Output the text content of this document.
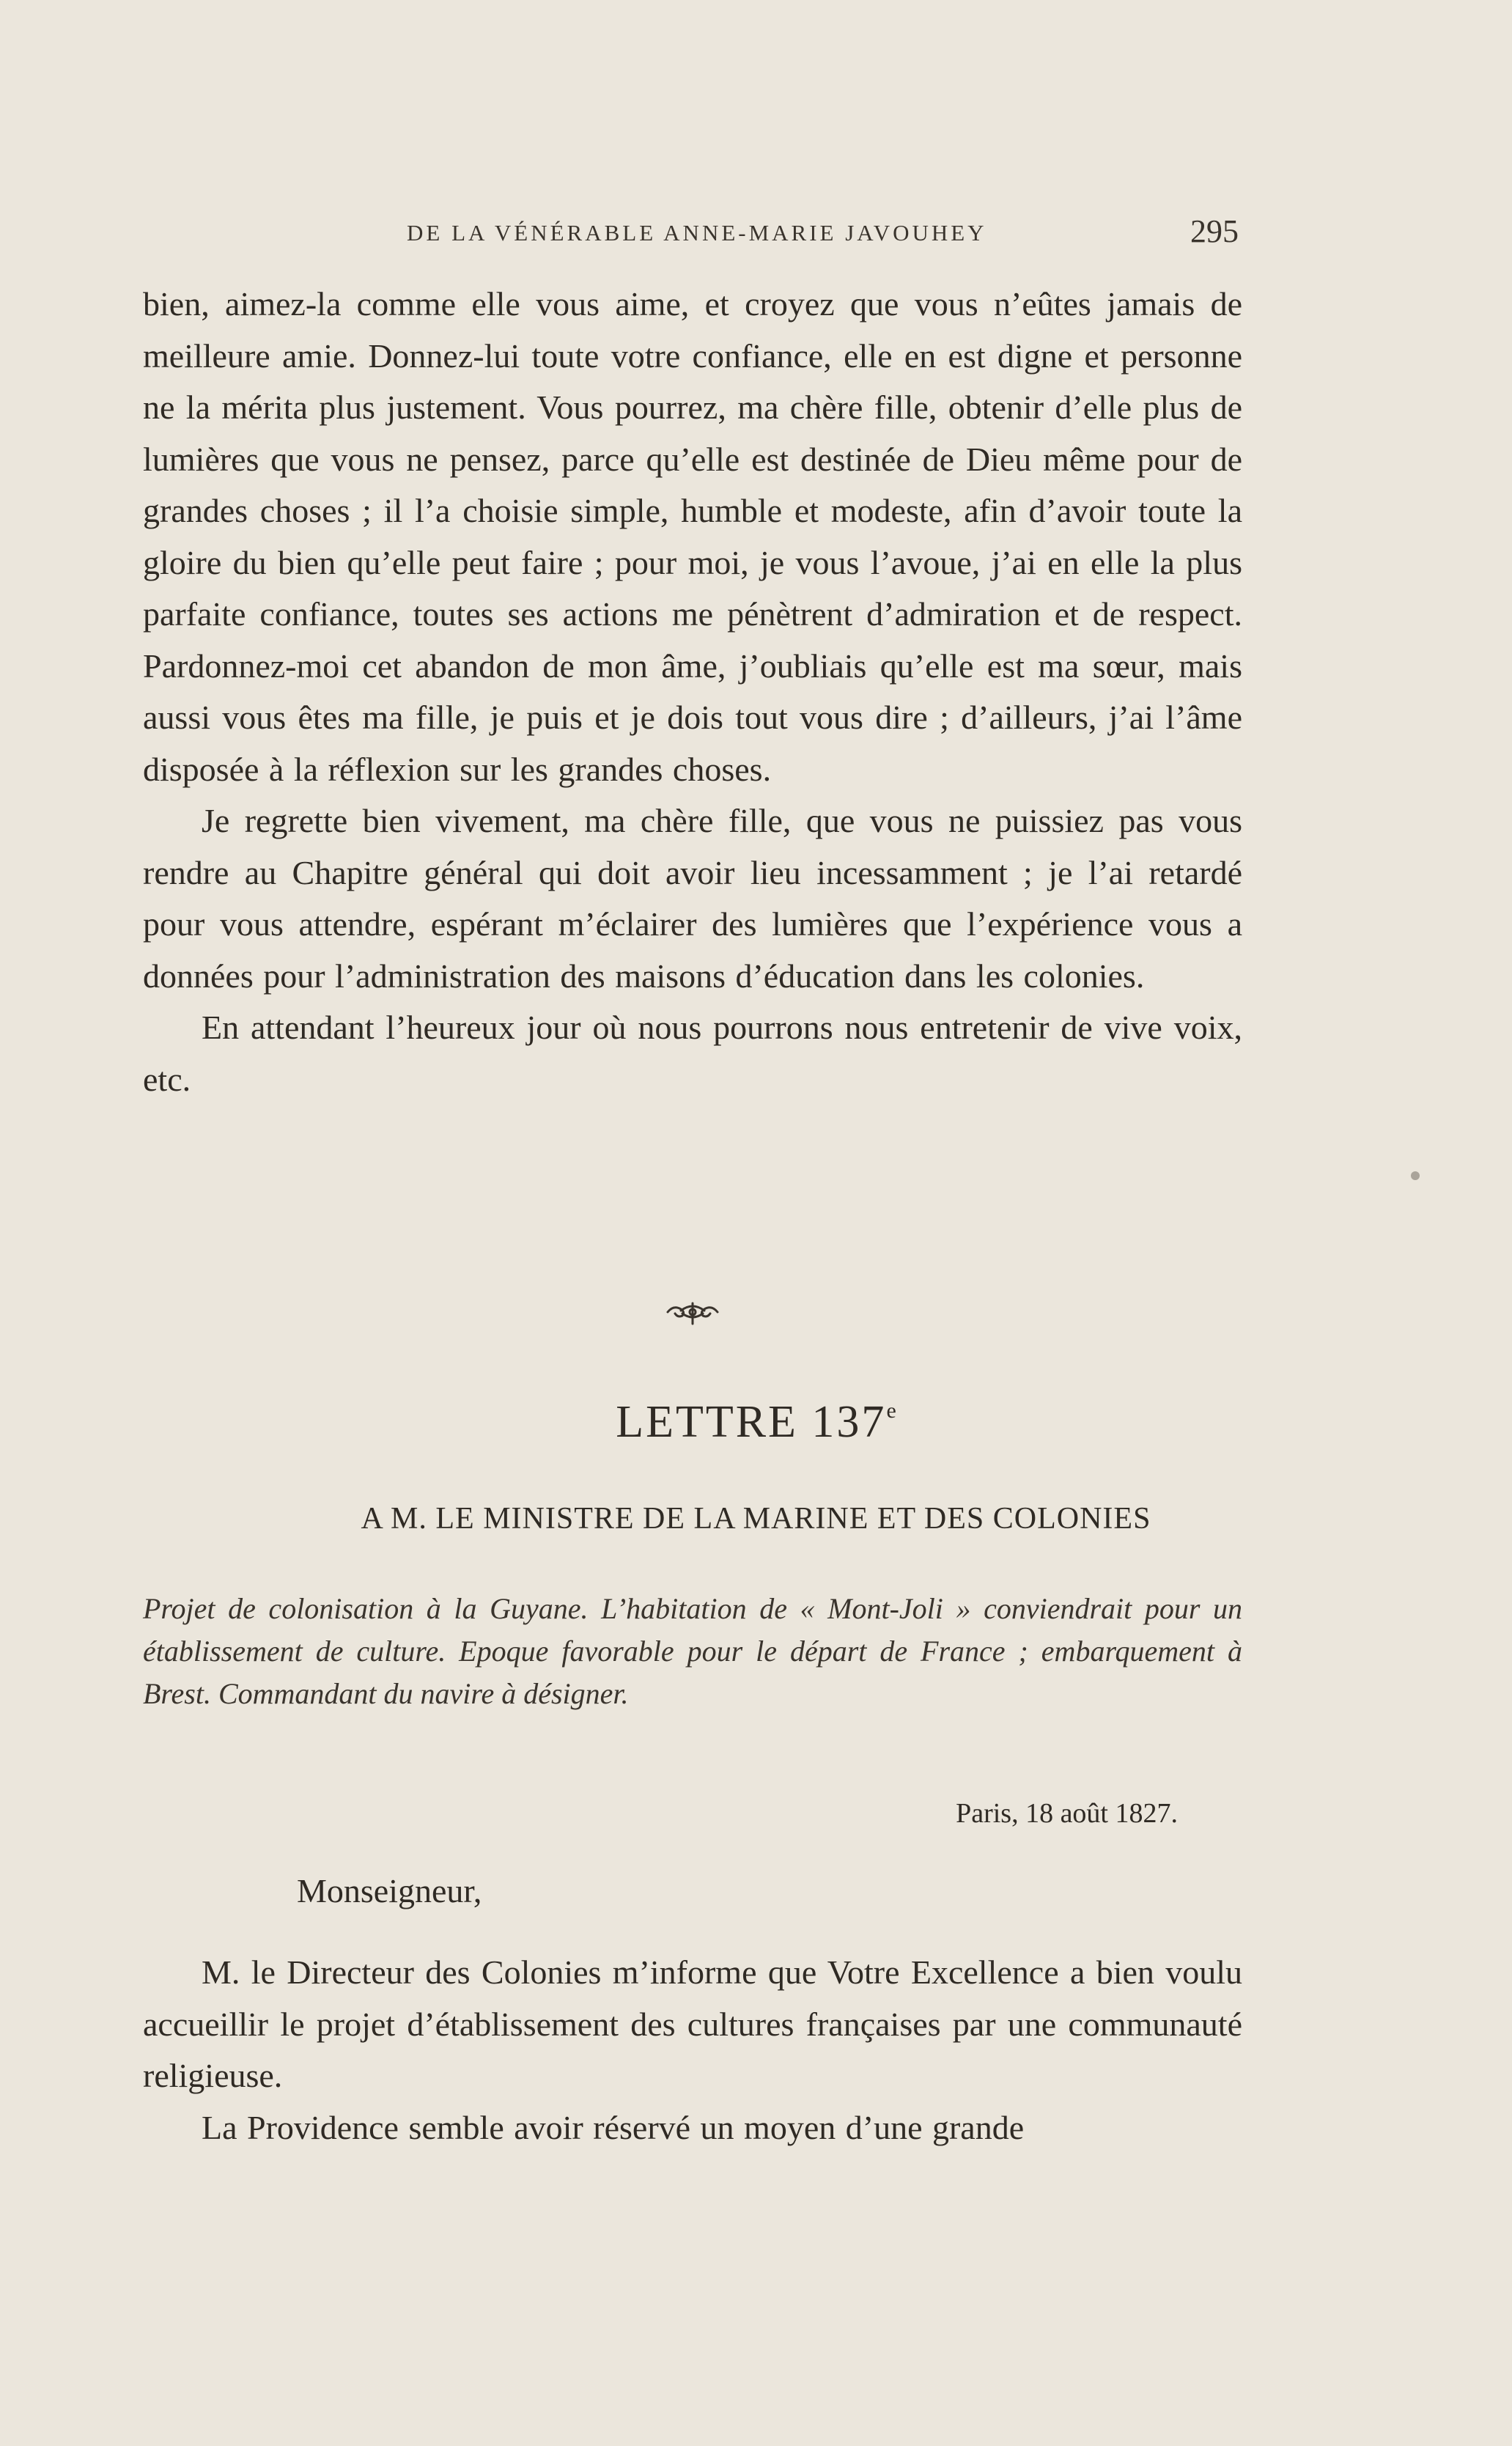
DE LA VÉNÉRABLE ANNE-MARIE JAVOUHEY	295

bien, aimez-la comme elle vous aime, et croyez que vous n’eûtes jamais de meilleure amie. Donnez-lui toute votre confiance, elle en est digne et personne ne la mérita plus justement. Vous pourrez, ma chère fille, obtenir d’elle plus de lumières que vous ne pensez, parce qu’elle est destinée de Dieu même pour de grandes choses ; il l’a choisie simple, humble et modeste, afin d’avoir toute la gloire du bien qu’elle peut faire ; pour moi, je vous l’avoue, j’ai en elle la plus parfaite confiance, toutes ses actions me pénètrent d’admiration et de respect. Pardonnez-moi cet abandon de mon âme, j’oubliais qu’elle est ma sœur, mais aussi vous êtes ma fille, je puis et je dois tout vous dire ; d’ailleurs, j’ai l’âme disposée à la réflexion sur les grandes choses.

Je regrette bien vivement, ma chère fille, que vous ne puissiez pas vous rendre au Chapitre général qui doit avoir lieu incessamment ; je l’ai retardé pour vous attendre, espérant m’éclairer des lumières que l’expérience vous a données pour l’administration des maisons d’éducation dans les colonies.

En attendant l’heureux jour où nous pourrons nous entretenir de vive voix, etc.

LETTRE 137e
A M. LE MINISTRE DE LA MARINE ET DES COLONIES

Projet de colonisation à la Guyane. L’habitation de « Mont-Joli » conviendrait pour un établissement de culture. Epoque favorable pour le départ de France ; embarquement à Brest. Commandant du navire à désigner.

Paris, 18 août 1827.
Monseigneur,

M. le Directeur des Colonies m’informe que Votre Excellence a bien voulu accueillir le projet d’établissement des cultures françaises par une communauté religieuse.

La Providence semble avoir réservé un moyen d’une grande
